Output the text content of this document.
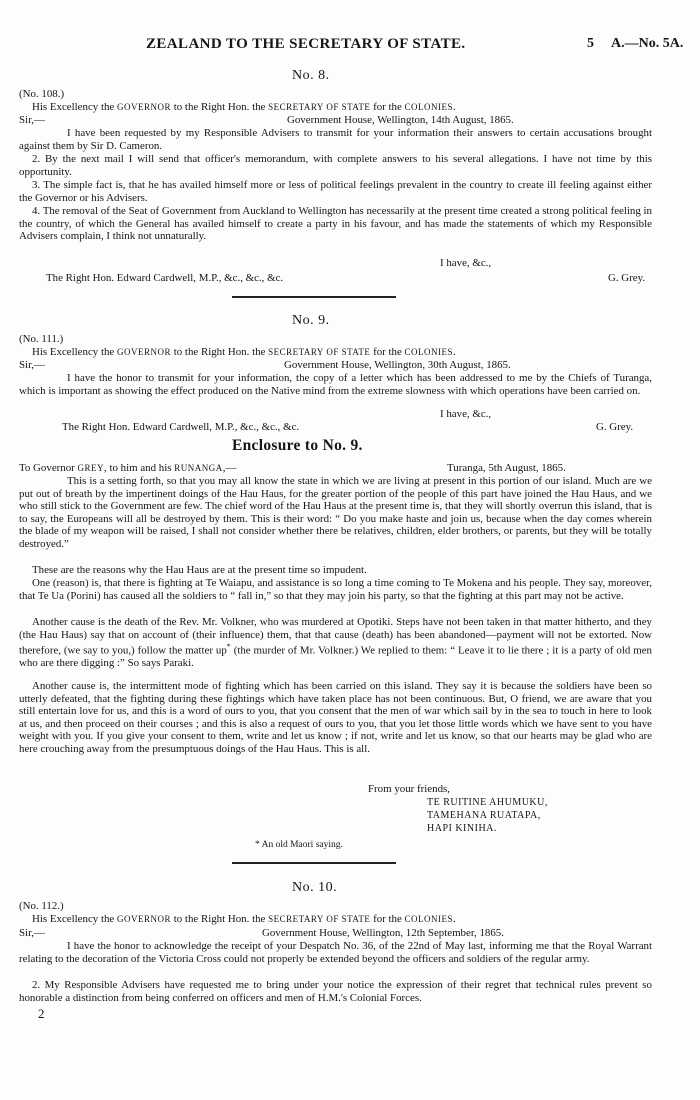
ZEALAND TO THE SECRETARY OF STATE.	5 A.—No. 5A.
No. 8.
(No. 108.)
His Excellency the GOVERNOR to the Right Hon. the SECRETARY OF STATE for the COLONIES.
Sir,—	Government House, Wellington, 14th August, 1865.
I have been requested by my Responsible Advisers to transmit for your information their answers to certain accusations brought against them by Sir D. Cameron.
2. By the next mail I will send that officer's memorandum, with complete answers to his several allegations. I have not time by this opportunity.
3. The simple fact is, that he has availed himself more or less of political feelings prevalent in the country to create ill feeling against either the Governor or his Advisers.
4. The removal of the Seat of Government from Auckland to Wellington has necessarily at the present time created a strong political feeling in the country, of which the General has availed himself to create a party in his favour, and has made the statements of which my Responsible Advisers complain, I think not unnaturally.
I have, &c.,
The Right Hon. Edward Cardwell, M.P., &c., &c., &c.	G. Grey.
No. 9.
(No. 111.)
His Excellency the GOVERNOR to the Right Hon. the SECRETARY OF STATE for the COLONIES.
Sir,—	Government House, Wellington, 30th August, 1865.
I have the honor to transmit for your information, the copy of a letter which has been addressed to me by the Chiefs of Turanga, which is important as showing the effect produced on the Native mind from the extreme slowness with which operations have been carried on.
I have, &c.,
The Right Hon. Edward Cardwell, M.P., &c., &c., &c.	G. Grey.
Enclosure to No. 9.
To Governor GREY, to him and his RUNANGA,—	Turanga, 5th August, 1865.
This is a setting forth, so that you may all know the state in which we are living at present in this portion of our island. Much are we put out of breath by the impertinent doings of the Hau Haus, for the greater portion of the people of this part have joined the Hau Haus, and we who still stick to the Government are few. The chief word of the Hau Haus at the present time is, that they will shortly overrun this island, that is to say, the Europeans will all be destroyed by them. This is their word: “ Do you make haste and join us, because when the day comes wherein the blade of my weapon will be raised, I shall not consider whether there be relatives, children, elder brothers, or parents, but they will be totally destroyed.”
These are the reasons why the Hau Haus are at the present time so impudent.
One (reason) is, that there is fighting at Te Waiapu, and assistance is so long a time coming to Te Mokena and his people. They say, moreover, that Te Ua (Porini) has caused all the soldiers to “ fall in,” so that they may join his party, so that the fighting at this part may not be active.
Another cause is the death of the Rev. Mr. Volkner, who was murdered at Opotiki. Steps have not been taken in that matter hitherto, and they (the Hau Haus) say that on account of (their influence) them, that that cause (death) has been abandoned—payment will not be extorted. Now therefore, (we say to you,) follow the matter up* (the murder of Mr. Volkner.) We replied to them: “ Leave it to lie there ; it is a party of old men who are there digging :” So says Paraki.
Another cause is, the intermittent mode of fighting which has been carried on this island. They say it is because the soldiers have been so utterly defeated, that the fighting during these fightings which have taken place has not been continuous. But, O friend, we are aware that you still entertain love for us, and this is a word of ours to you, that you consent that the men of war which sail by in the sea to touch in here to look at us, and then proceed on their courses ; and this is also a request of ours to you, that you let those little words which we have sent to you have weight with you. If you give your consent to them, write and let us know ; if not, write and let us know, so that our hearts may be glad who are here crouching away from the presumptuous doings of the Hau Haus. This is all.
From your friends,
TE RUITINE AHUMUKU,
TAMEHANA RUATAPA,
HAPI KINIHA.
* An old Maori saying.
No. 10.
(No. 112.)
His Excellency the GOVERNOR to the Right Hon. the SECRETARY OF STATE for the COLONIES.
Sir,—	Government House, Wellington, 12th September, 1865.
I have the honor to acknowledge the receipt of your Despatch No. 36, of the 22nd of May last, informing me that the Royal Warrant relating to the decoration of the Victoria Cross could not properly be extended beyond the officers and soldiers of the regular army.
2. My Responsible Advisers have requested me to bring under your notice the expression of their regret that technical rules prevent so honorable a distinction from being conferred on officers and men of H.M.'s Colonial Forces.
2
